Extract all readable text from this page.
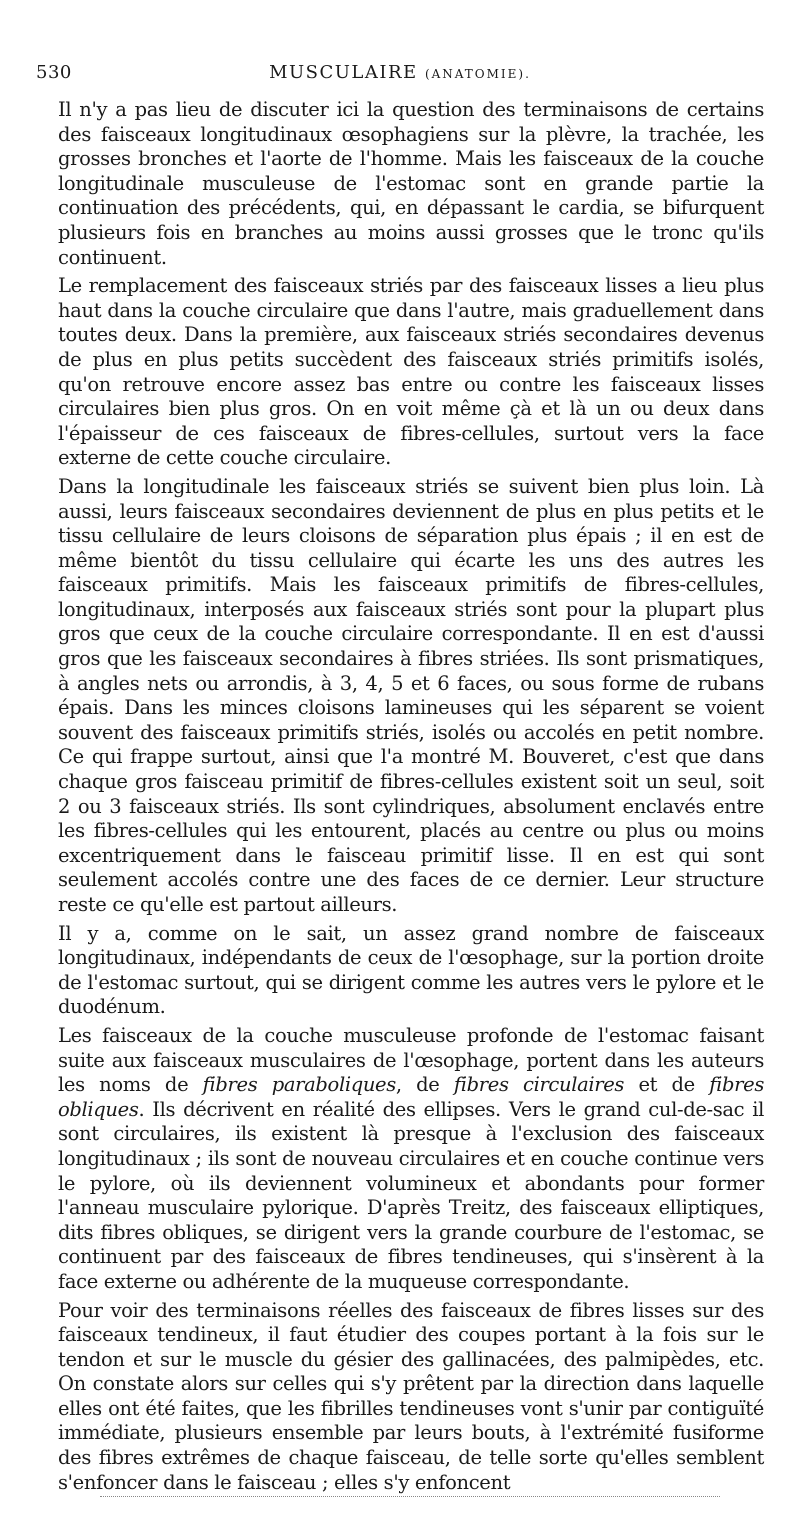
530	MUSCULAIRE (ANATOMIE).

Il n'y a pas lieu de discuter ici la question des terminaisons de certains des faisceaux longitudinaux œsophagiens sur la plèvre, la trachée, les grosses bronches et l'aorte de l'homme. Mais les faisceaux de la couche longitudinale musculeuse de l'estomac sont en grande partie la continuation des précédents, qui, en dépassant le cardia, se bifurquent plusieurs fois en branches au moins aussi grosses que le tronc qu'ils continuent.

Le remplacement des faisceaux striés par des faisceaux lisses a lieu plus haut dans la couche circulaire que dans l'autre, mais graduellement dans toutes deux. Dans la première, aux faisceaux striés secondaires devenus de plus en plus petits succèdent des faisceaux striés primitifs isolés, qu'on retrouve encore assez bas entre ou contre les faisceaux lisses circulaires bien plus gros. On en voit même çà et là un ou deux dans l'épaisseur de ces faisceaux de fibres-cellules, surtout vers la face externe de cette couche circulaire.

Dans la longitudinale les faisceaux striés se suivent bien plus loin. Là aussi, leurs faisceaux secondaires deviennent de plus en plus petits et le tissu cellulaire de leurs cloisons de séparation plus épais ; il en est de même bientôt du tissu cellulaire qui écarte les uns des autres les faisceaux primitifs. Mais les faisceaux primitifs de fibres-cellules, longitudinaux, interposés aux faisceaux striés sont pour la plupart plus gros que ceux de la couche circulaire correspondante. Il en est d'aussi gros que les faisceaux secondaires à fibres striées. Ils sont prismatiques, à angles nets ou arrondis, à 3, 4, 5 et 6 faces, ou sous forme de rubans épais. Dans les minces cloisons lamineuses qui les séparent se voient souvent des faisceaux primitifs striés, isolés ou accolés en petit nombre. Ce qui frappe surtout, ainsi que l'a montré M. Bouveret, c'est que dans chaque gros faisceau primitif de fibres-cellules existent soit un seul, soit 2 ou 3 faisceaux striés. Ils sont cylindriques, absolument enclavés entre les fibres-cellules qui les entourent, placés au centre ou plus ou moins excentriquement dans le faisceau primitif lisse. Il en est qui sont seulement accolés contre une des faces de ce dernier. Leur structure reste ce qu'elle est partout ailleurs.

Il y a, comme on le sait, un assez grand nombre de faisceaux longitudinaux, indépendants de ceux de l'œsophage, sur la portion droite de l'estomac surtout, qui se dirigent comme les autres vers le pylore et le duodénum.

Les faisceaux de la couche musculeuse profonde de l'estomac faisant suite aux faisceaux musculaires de l'œsophage, portent dans les auteurs les noms de fibres paraboliques, de fibres circulaires et de fibres obliques. Ils décrivent en réalité des ellipses. Vers le grand cul-de-sac il sont circulaires, ils existent là presque à l'exclusion des faisceaux longitudinaux ; ils sont de nouveau circulaires et en couche continue vers le pylore, où ils deviennent volumineux et abondants pour former l'anneau musculaire pylorique. D'après Treitz, des faisceaux elliptiques, dits fibres obliques, se dirigent vers la grande courbure de l'estomac, se continuent par des faisceaux de fibres tendineuses, qui s'insèrent à la face externe ou adhérente de la muqueuse correspondante.

Pour voir des terminaisons réelles des faisceaux de fibres lisses sur des faisceaux tendineux, il faut étudier des coupes portant à la fois sur le tendon et sur le muscle du gésier des gallinacées, des palmipèdes, etc. On constate alors sur celles qui s'y prêtent par la direction dans laquelle elles ont été faites, que les fibrilles tendineuses vont s'unir par contiguïté immédiate, plusieurs ensemble par leurs bouts, à l'extrémité fusiforme des fibres extrêmes de chaque faisceau, de telle sorte qu'elles semblent s'enfoncer dans le faisceau ; elles s'y enfoncent
